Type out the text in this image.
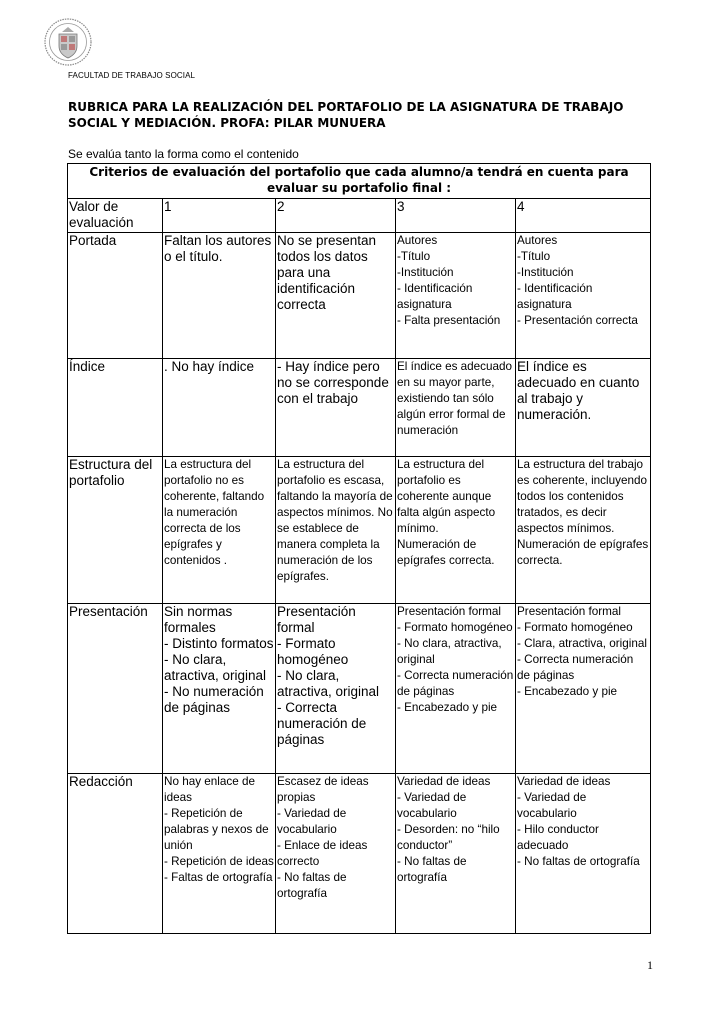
FACULTAD DE TRABAJO SOCIAL
RUBRICA PARA LA REALIZACIÓN DEL PORTAFOLIO DE LA ASIGNATURA DE TRABAJO SOCIAL Y MEDIACIÓN. PROFA: PILAR MUNUERA
Se evalúa tanto la forma como el contenido
Criterios de evaluación del portafolio que cada alumno/a tendrá en cuenta para evaluar su portafolio final :				
Valor de evaluación	1	2	3	4
Portada	Faltan los autores o el título.	No se presentan todos los datos para una identificación correcta	Autores
-Título
-Institución
- Identificación asignatura
- Falta presentación	Autores
-Título
-Institución
- Identificación asignatura
- Presentación correcta
Índice	. No hay índice	- Hay índice pero no se corresponde con el trabajo	El índice es adecuado en su mayor parte, existiendo tan sólo algún error formal de numeración	El índice es adecuado en cuanto al trabajo y numeración.
Estructura del portafolio	La estructura del portafolio no es coherente, faltando la numeración correcta de los epígrafes y contenidos .	La estructura del portafolio es escasa, faltando la mayoría de aspectos mínimos. No se establece de manera completa la numeración de los epígrafes.	La estructura del portafolio es coherente aunque falta algún aspecto mínimo.
Numeración de epígrafes correcta.	La estructura del trabajo es coherente, incluyendo todos los contenidos tratados, es decir aspectos mínimos. Numeración de epígrafes correcta.
Presentación	Sin normas formales
- Distinto formatos
- No clara, atractiva, original
- No numeración de páginas	Presentación formal
- Formato homogéneo
- No clara, atractiva, original
- Correcta numeración de páginas	Presentación formal
- Formato homogéneo
- No clara, atractiva, original
- Correcta numeración de páginas
- Encabezado y pie	Presentación formal
- Formato homogéneo
- Clara, atractiva, original
- Correcta numeración de páginas
- Encabezado y pie
Redacción	No hay enlace de ideas
- Repetición de palabras y nexos de unión
- Repetición de ideas
- Faltas de ortografía	Escasez de ideas propias
- Variedad de vocabulario
- Enlace de ideas correcto
- No faltas de ortografía	Variedad de ideas
- Variedad de vocabulario
- Desorden: no “hilo conductor”
- No faltas de ortografía	Variedad de ideas
- Variedad de vocabulario
- Hilo conductor adecuado
- No faltas de ortografía
1
